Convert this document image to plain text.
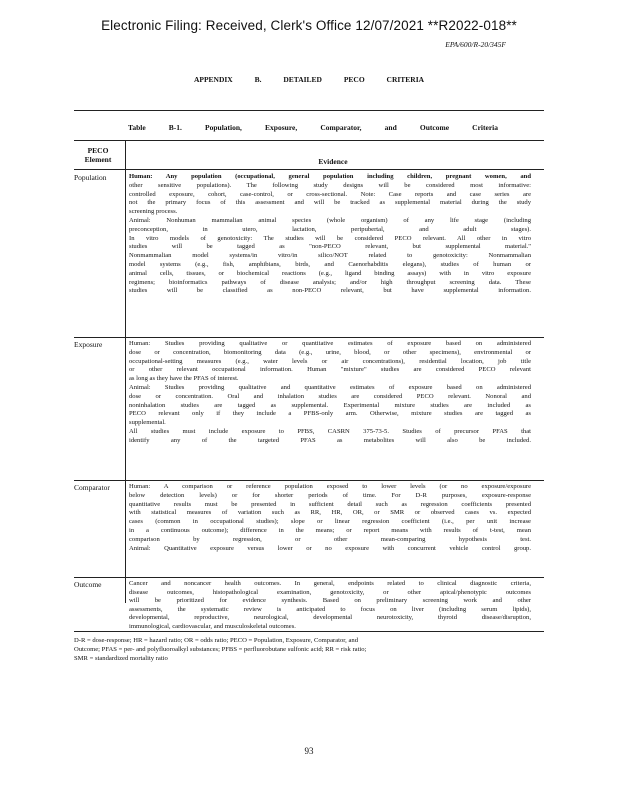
Electronic Filing: Received, Clerk's Office 12/07/2021 **R2022-018**
EPA/600/R-20/345F
APPENDIX B. DETAILED PECO CRITERIA
Table B-1. Population, Exposure, Comparator, and Outcome Criteria
PECO Element	Evidence
Population	Human: Any population (occupational, general population including children, pregnant women, and
other sensitive populations). The following study designs will be considered most informative:
controlled exposure, cohort, case-control, or cross-sectional. Note: Case reports and case series are
not the primary focus of this assessment and will be tracked as supplemental material during the study
screening process.
Animal: Nonhuman mammalian animal species (whole organism) of any life stage (including
preconception, in utero, lactation, peripubertal, and adult stages).
In vitro models of genotoxicity: The studies will be considered PECO relevant. All other in vitro
studies will be tagged as "non-PECO relevant, but supplemental material."
Nonmammalian model systems/in vitro/in silico/NOT related to genotoxicity: Nonmammalian
model systems (e.g., fish, amphibians, birds, and Caenorhabditis elegans), studies of human or
animal cells, tissues, or biochemical reactions (e.g., ligand binding assays) with in vitro exposure
regimens; bioinformatics pathways of disease analysis; and/or high throughput screening data. These
studies will be classified as non-PECO relevant, but have supplemental information.
Exposure	Human: Studies providing qualitative or quantitative estimates of exposure based on administered
dose or concentration, biomonitoring data (e.g., urine, blood, or other specimens), environmental or
occupational-setting measures (e.g., water levels or air concentrations), residential location, job title
or other relevant occupational information. Human "mixture" studies are considered PECO relevant
as long as they have the PFAS of interest.
Animal: Studies providing qualitative and quantitative estimates of exposure based on administered
dose or concentration. Oral and inhalation studies are considered PECO relevant. Nonoral and
noninhalation studies are tagged as supplemental. Experimental mixture studies are included as
PECO relevant only if they include a PFBS-only arm. Otherwise, mixture studies are tagged as
supplemental.
All studies must include exposure to PFBS, CASRN 375-73-5. Studies of precursor PFAS that
identify any of the targeted PFAS as metabolites will also be included.
Comparator	Human: A comparison or reference population exposed to lower levels (or no exposure/exposure
below detection levels) or for shorter periods of time. For D-R purposes, exposure-response
quantitative results must be presented in sufficient detail such as regression coefficients presented
with statistical measures of variation such as RR, HR, OR, or SMR or observed cases vs. expected
cases (common in occupational studies); slope or linear regression coefficient (i.e., per unit increase
in a continuous outcome); difference in the means; or report means with results of t-test, mean
comparison by regression, or other mean-comparing hypothesis test.
Animal: Quantitative exposure versus lower or no exposure with concurrent vehicle control group.
Outcome	Cancer and noncancer health outcomes. In general, endpoints related to clinical diagnostic criteria,
disease outcomes, histopathological examination, genotoxicity, or other apical/phenotypic outcomes
will be prioritized for evidence synthesis. Based on preliminary screening work and other
assessments, the systematic review is anticipated to focus on liver (including serum lipids),
developmental, reproductive, neurological, developmental neurotoxicity, thyroid disease/disruption,
immunological, cardiovascular, and musculoskeletal outcomes.
D-R = dose-response; HR = hazard ratio; OR = odds ratio; PECO = Population, Exposure, Comparator, and
Outcome; PFAS = per- and polyfluoroalkyl substances; PFBS = perfluorobutane sulfonic acid; RR = risk ratio;
SMR = standardized mortality ratio
93
